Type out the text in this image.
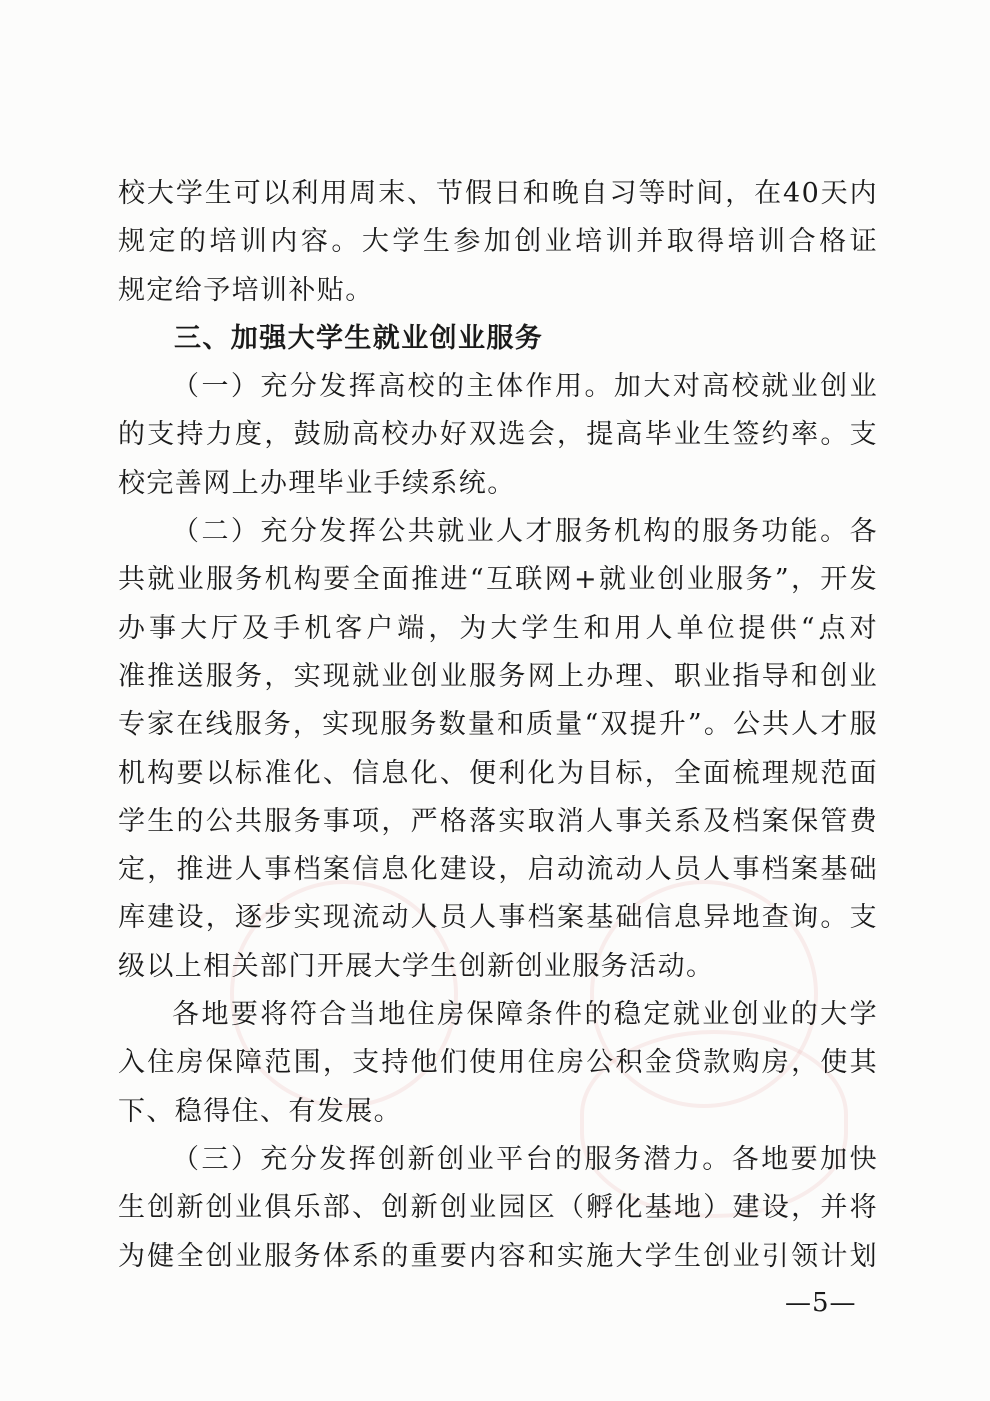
校大学生可以利用周末、节假日和晚自习等时间，在40天内
规定的培训内容。大学生参加创业培训并取得培训合格证
规定给予培训补贴。
三、加强大学生就业创业服务
（一）充分发挥高校的主体作用。加大对高校就业创业
的支持力度，鼓励高校办好双选会，提高毕业生签约率。支
校完善网上办理毕业手续系统。
（二）充分发挥公共就业人才服务机构的服务功能。各
共就业服务机构要全面推进“互联网+就业创业服务”，开发
办事大厅及手机客户端，为大学生和用人单位提供“点对
准推送服务，实现就业创业服务网上办理、职业指导和创业
专家在线服务，实现服务数量和质量“双提升”。公共人才服
机构要以标准化、信息化、便利化为目标，全面梳理规范面
学生的公共服务事项，严格落实取消人事关系及档案保管费
定，推进人事档案信息化建设，启动流动人员人事档案基础
库建设，逐步实现流动人员人事档案基础信息异地查询。支
级以上相关部门开展大学生创新创业服务活动。
各地要将符合当地住房保障条件的稳定就业创业的大学
入住房保障范围，支持他们使用住房公积金贷款购房，使其
下、稳得住、有发展。
（三）充分发挥创新创业平台的服务潜力。各地要加快
生创新创业俱乐部、创新创业园区（孵化基地）建设，并将
为健全创业服务体系的重要内容和实施大学生创业引领计划
—5—
